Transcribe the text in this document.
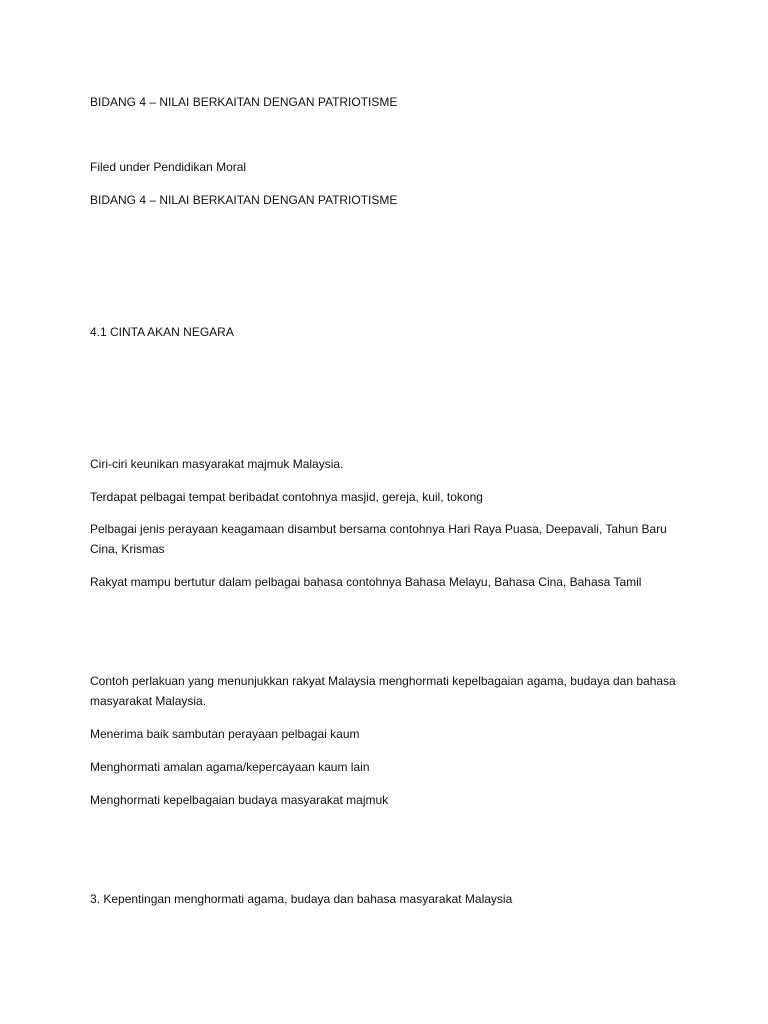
BIDANG 4 – NILAI BERKAITAN DENGAN PATRIOTISME
Filed under Pendidikan Moral
BIDANG 4 – NILAI BERKAITAN DENGAN PATRIOTISME
4.1 CINTA AKAN NEGARA
Ciri-ciri keunikan masyarakat majmuk Malaysia.
Terdapat pelbagai tempat beribadat contohnya masjid, gereja, kuil, tokong
Pelbagai jenis perayaan keagamaan disambut bersama contohnya Hari Raya Puasa, Deepavali, Tahun Baru Cina, Krismas
Rakyat mampu bertutur dalam pelbagai bahasa contohnya Bahasa Melayu, Bahasa Cina, Bahasa Tamil
Contoh perlakuan yang menunjukkan rakyat Malaysia menghormati kepelbagaian agama, budaya dan bahasa masyarakat Malaysia.
Menerima baik sambutan perayaan pelbagai kaum
Menghormati amalan agama/kepercayaan kaum lain
Menghormati kepelbagaian budaya masyarakat majmuk
3. Kepentingan menghormati agama, budaya dan bahasa masyarakat Malaysia
